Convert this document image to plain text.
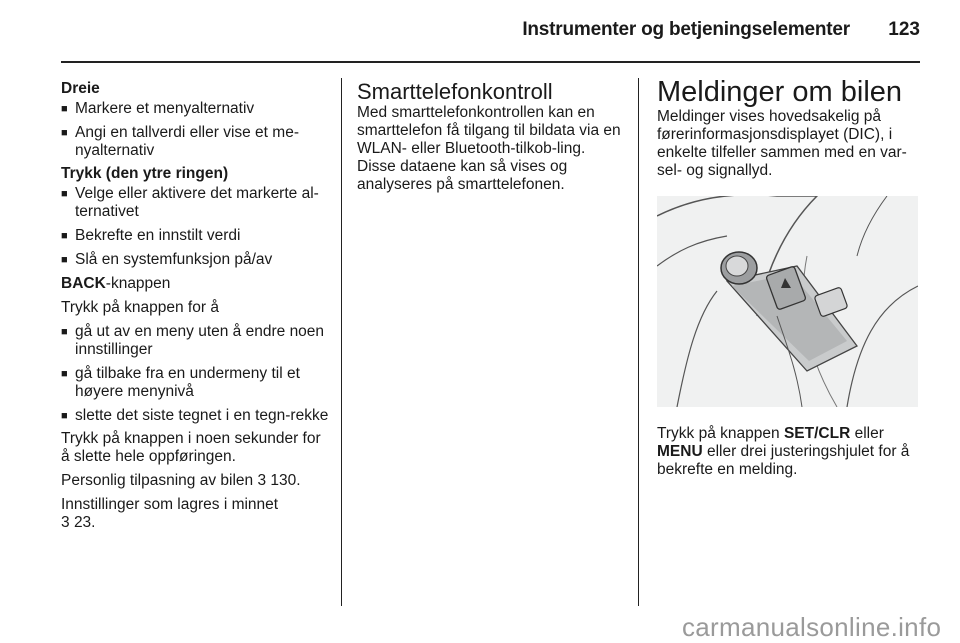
Instrumenter og betjeningselementer	123

Dreie

■ Markere et menyalternativ
■ Angi en tallverdi eller vise et me-nyalternativ

Trykk (den ytre ringen)

■ Velge eller aktivere det markerte al-ternativet
■ Bekrefte en innstilt verdi
■ Slå en systemfunksjon på/av

BACK-knappen

Trykk på knappen for å

■ gå ut av en meny uten å endre noen innstillinger
■ gå tilbake fra en undermeny til et høyere menynivå
■ slette det siste tegnet i en tegn-rekke

Trykk på knappen i noen sekunder for å slette hele oppføringen.

Personlig tilpasning av bilen 3 130.

Innstillinger som lagres i minnet

3 23.

Smarttelefonkontroll

Med smarttelefonkontrollen kan en smarttelefon få tilgang til bildata via en WLAN- eller Bluetooth-tilkob-ling. Disse dataene kan så vises og analyseres på smarttelefonen.

Meldinger om bilen

Meldinger vises hovedsakelig på førerinformasjonsdisplayet (DIC), i enkelte tilfeller sammen med en var-sel- og signallyd.

Trykk på knappen SET/CLR eller
MENU eller drei justeringshjulet for å bekrefte en melding.

carmanualsonline.info
